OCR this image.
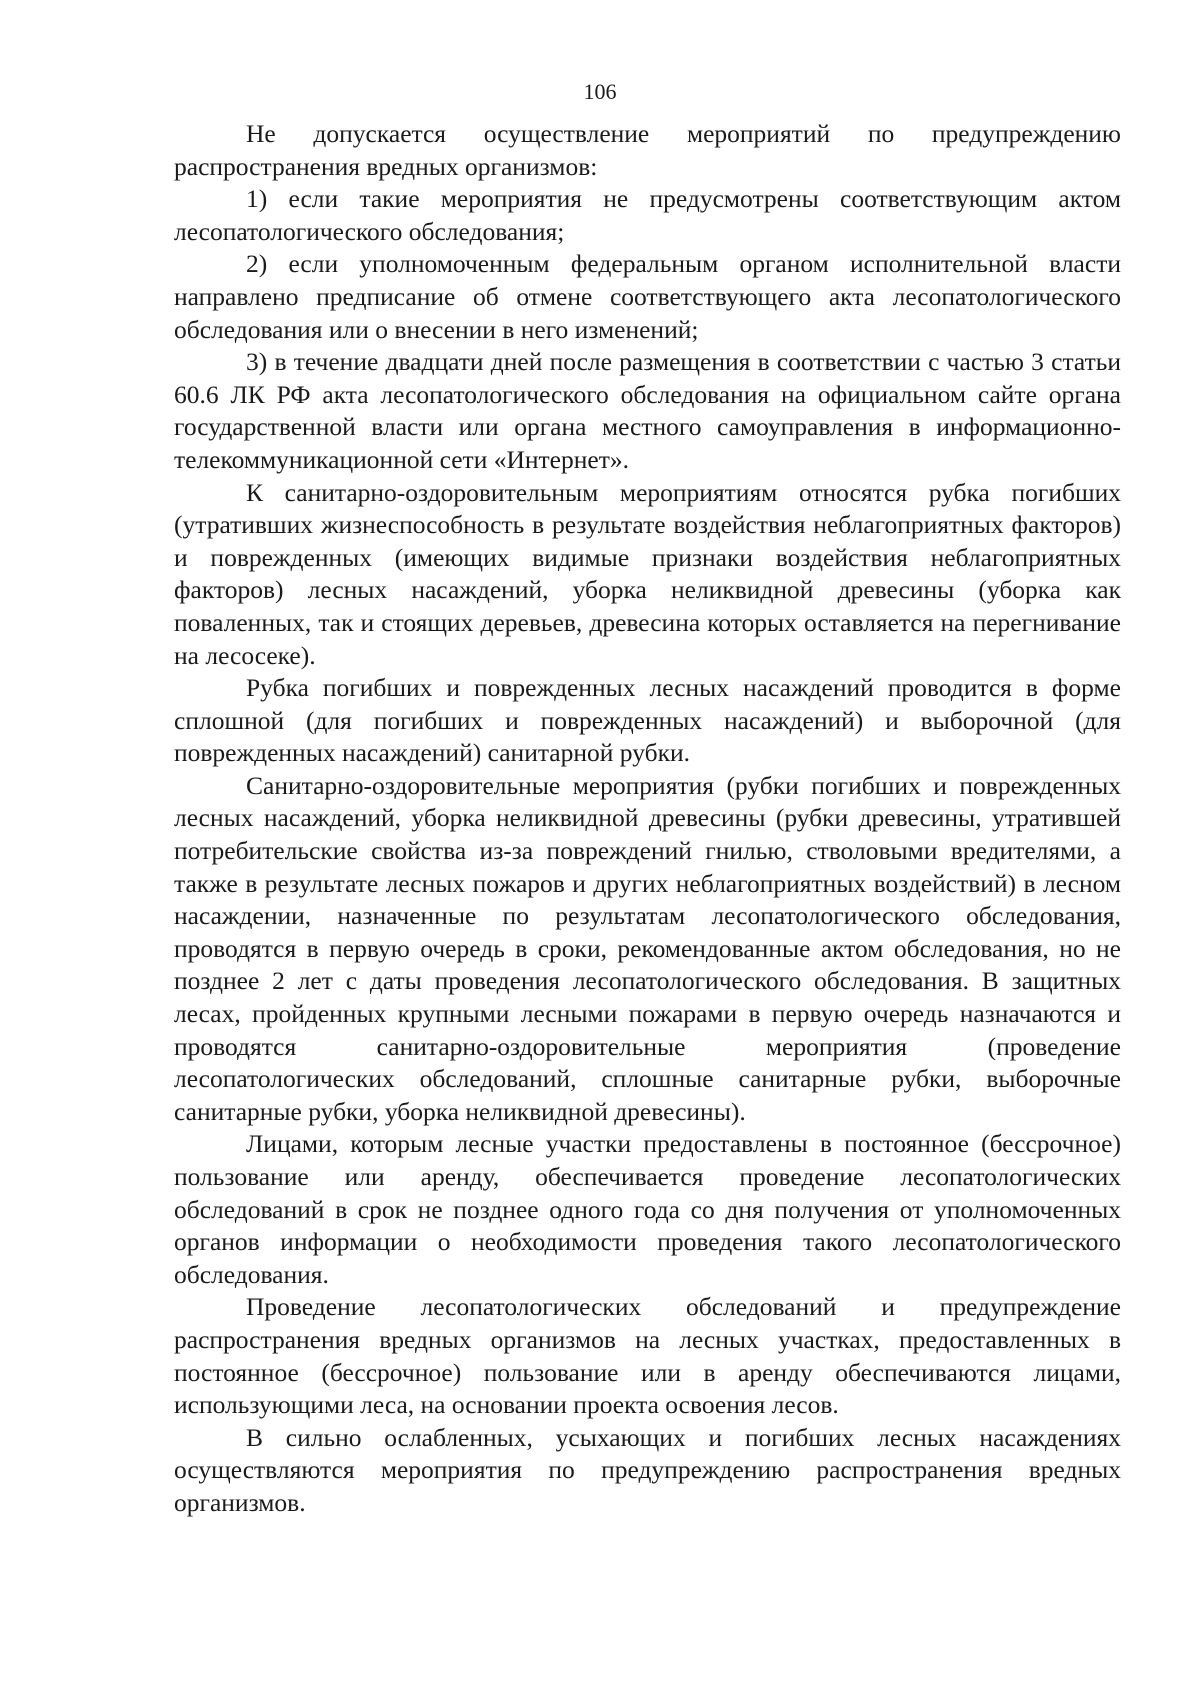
106

Не допускается осуществление мероприятий по предупреждению распространения вредных организмов:

1) если такие мероприятия не предусмотрены соответствующим актом лесопатологического обследования;

2) если уполномоченным федеральным органом исполнительной власти направлено предписание об отмене соответствующего акта лесопатологического обследования или о внесении в него изменений;

3) в течение двадцати дней после размещения в соответствии с частью 3 статьи 60.6 ЛК РФ акта лесопатологического обследования на официальном сайте органа государственной власти или органа местного самоуправления в информационно-телекоммуникационной сети «Интернет».

К санитарно-оздоровительным мероприятиям относятся рубка погибших (утративших жизнеспособность в результате воздействия неблагоприятных факторов) и поврежденных (имеющих видимые признаки воздействия неблагоприятных факторов) лесных насаждений, уборка неликвидной древесины (уборка как поваленных, так и стоящих деревьев, древесина которых оставляется на перегнивание на лесосеке).

Рубка погибших и поврежденных лесных насаждений проводится в форме сплошной (для погибших и поврежденных насаждений) и выборочной (для поврежденных насаждений) санитарной рубки.

Санитарно-оздоровительные мероприятия (рубки погибших и поврежденных лесных насаждений, уборка неликвидной древесины (рубки древесины, утратившей потребительские свойства из-за повреждений гнилью, стволовыми вредителями, а также в результате лесных пожаров и других неблагоприятных воздействий) в лесном насаждении, назначенные по результатам лесопатологического обследования, проводятся в первую очередь в сроки, рекомендованные актом обследования, но не позднее 2 лет с даты проведения лесопатологического обследования. В защитных лесах, пройденных крупными лесными пожарами в первую очередь назначаются и проводятся санитарно-оздоровительные мероприятия (проведение лесопатологических обследований, сплошные санитарные рубки, выборочные санитарные рубки, уборка неликвидной древесины).

Лицами, которым лесные участки предоставлены в постоянное (бессрочное) пользование или аренду, обеспечивается проведение лесопатологических обследований в срок не позднее одного года со дня получения от уполномоченных органов информации о необходимости проведения такого лесопатологического обследования.

Проведение лесопатологических обследований и предупреждение распространения вредных организмов на лесных участках, предоставленных в постоянное (бессрочное) пользование или в аренду обеспечиваются лицами, использующими леса, на основании проекта освоения лесов.

В сильно ослабленных, усыхающих и погибших лесных насаждениях осуществляются мероприятия по предупреждению распространения вредных организмов.
